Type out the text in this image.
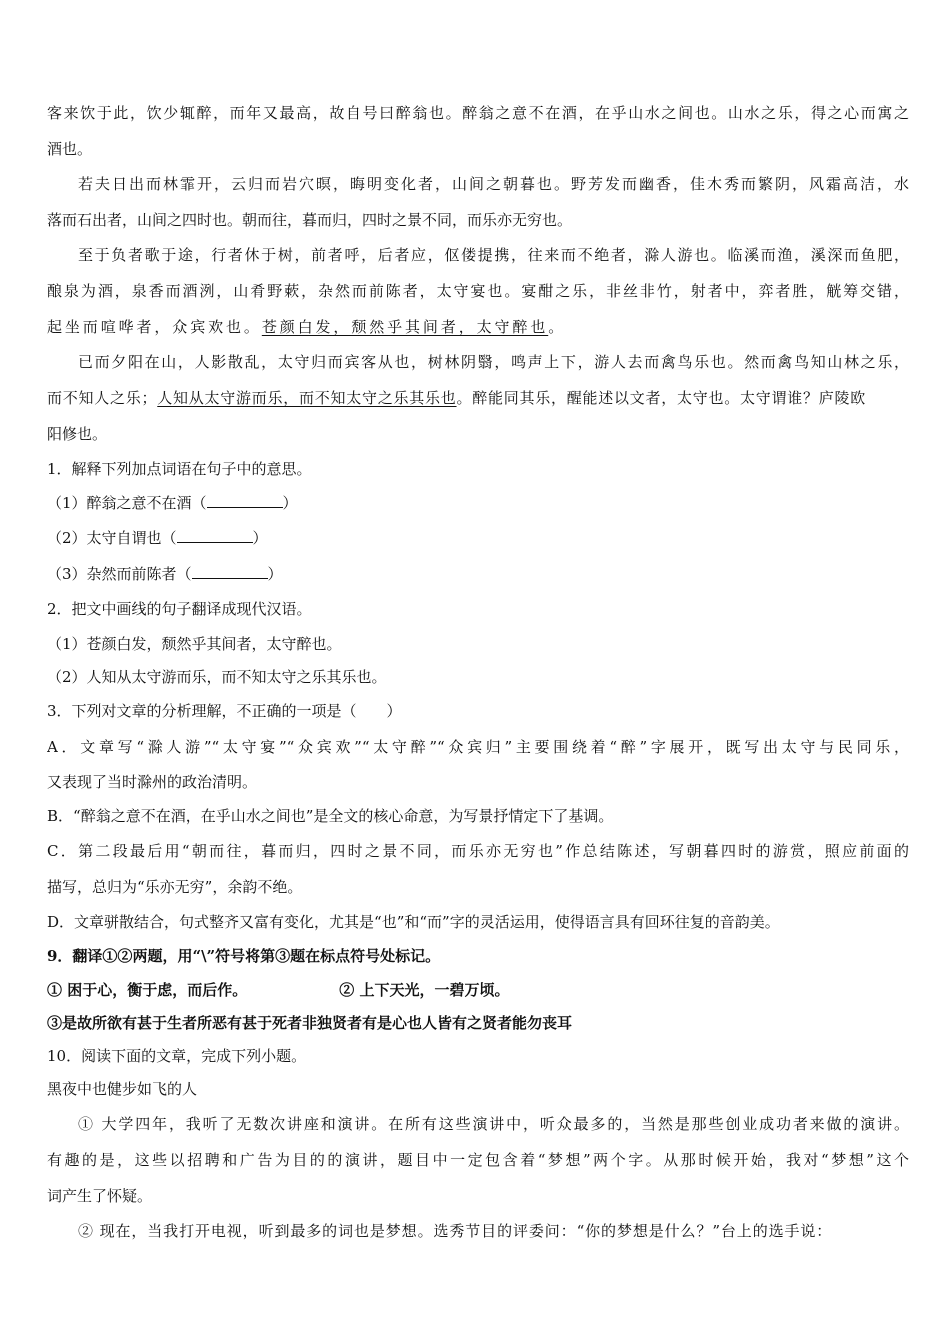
客来饮于此，饮少辄醉，而年又最高，故自号曰醉翁也。醉翁之意不在酒，在乎山水之间也。山水之乐，得之心而寓之
酒也。
若夫日出而林霏开，云归而岩穴暝，晦明变化者，山间之朝暮也。野芳发而幽香，佳木秀而繁阴，风霜高洁，水
落而石出者，山间之四时也。朝而往，暮而归，四时之景不同，而乐亦无穷也。
至于负者歌于途，行者休于树，前者呼，后者应，伛偻提携，往来而不绝者，滁人游也。临溪而渔，溪深而鱼肥，
酿泉为酒，泉香而酒洌，山肴野蔌，杂然而前陈者，太守宴也。宴酣之乐，非丝非竹，射者中，弈者胜，觥筹交错，
起坐而喧哗者，众宾欢也。苍颜白发，颓然乎其间者，太守醉也。
已而夕阳在山，人影散乱，太守归而宾客从也，树林阴翳，鸣声上下，游人去而禽鸟乐也。然而禽鸟知山林之乐，
而不知人之乐；人知从太守游而乐，而不知太守之乐其乐也。醉能同其乐，醒能述以文者，太守也。太守谓谁？庐陵欧
阳修也。
1．解释下列加点词语在句子中的意思。
（1）醉翁之意不在酒（	）
（2）太守自谓也（	）
（3）杂然而前陈者（	）
2．把文中画线的句子翻译成现代汉语。
（1）苍颜白发，颓然乎其间者，太守醉也。
（2）人知从太守游而乐，而不知太守之乐其乐也。
3．下列对文章的分析理解，不正确的一项是（　　）
A．文章写“滁人游”“太守宴”“众宾欢”“太守醉”“众宾归”主要围绕着“醉”字展开，既写出太守与民同乐，
又表现了当时滁州的政治清明。
B．“醉翁之意不在酒，在乎山水之间也”是全文的核心命意，为写景抒情定下了基调。
C．第二段最后用“朝而往，暮而归，四时之景不同，而乐亦无穷也”作总结陈述，写朝暮四时的游赏，照应前面的
描写，总归为“乐亦无穷”，余韵不绝。
D．文章骈散结合，句式整齐又富有变化，尤其是“也”和“而”字的灵活运用，使得语言具有回环往复的音韵美。
9．翻译①②两题，用“\”符号将第③题在标点符号处标记。
① 困于心，衡于虑，而后作。	② 上下天光，一碧万顷。
③是故所欲有甚于生者所恶有甚于死者非独贤者有是心也人皆有之贤者能勿丧耳
10．阅读下面的文章，完成下列小题。
黑夜中也健步如飞的人
① 大学四年，我听了无数次讲座和演讲。在所有这些演讲中，听众最多的，当然是那些创业成功者来做的演讲。
有趣的是，这些以招聘和广告为目的的演讲，题目中一定包含着“梦想”两个字。从那时候开始，我对“梦想”这个
词产生了怀疑。
② 现在，当我打开电视，听到最多的词也是梦想。选秀节目的评委问：“你的梦想是什么？”台上的选手说：
